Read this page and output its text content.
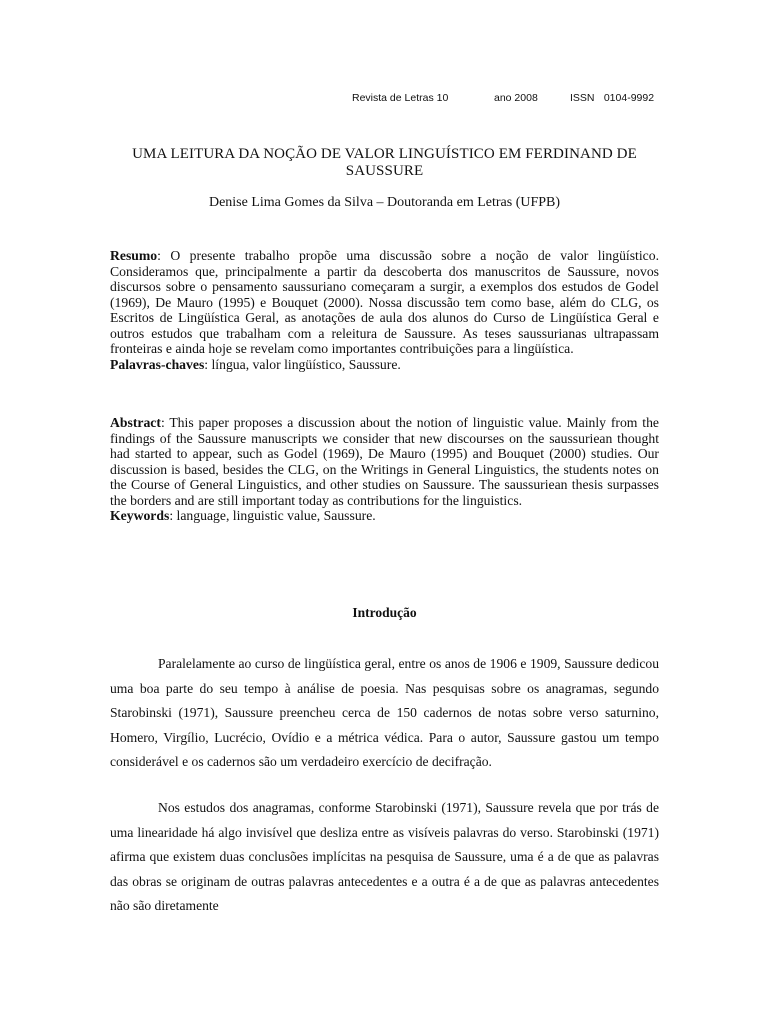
Revista de Letras 10	ano 2008	ISSN 0104-9992
UMA LEITURA DA NOÇÃO DE VALOR LINGUÍSTICO EM FERDINAND DE SAUSSURE
Denise Lima Gomes da Silva – Doutoranda em Letras (UFPB)

Resumo: O presente trabalho propõe uma discussão sobre a noção de valor lingüístico. Consideramos que, principalmente a partir da descoberta dos manuscritos de Saussure, novos discursos sobre o pensamento saussuriano começaram a surgir, a exemplos dos estudos de Godel (1969), De Mauro (1995) e Bouquet (2000). Nossa discussão tem como base, além do CLG, os Escritos de Lingüística Geral, as anotações de aula dos alunos do Curso de Lingüística Geral e outros estudos que trabalham com a releitura de Saussure. As teses saussurianas ultrapassam fronteiras e ainda hoje se revelam como importantes contribuições para a lingüística.

Palavras-chaves: língua, valor lingüístico, Saussure.

Abstract: This paper proposes a discussion about the notion of linguistic value. Mainly from the findings of the Saussure manuscripts we consider that new discourses on the saussuriean thought had started to appear, such as Godel (1969), De Mauro (1995) and Bouquet (2000) studies. Our discussion is based, besides the CLG, on the Writings in General Linguistics, the students notes on the Course of General Linguistics, and other studies on Saussure. The saussuriean thesis surpasses the borders and are still important today as contributions for the linguistics.

Keywords: language, linguistic value, Saussure.

Introdução

Paralelamente ao curso de lingüística geral, entre os anos de 1906 e 1909, Saussure dedicou uma boa parte do seu tempo à análise de poesia. Nas pesquisas sobre os anagramas, segundo Starobinski (1971), Saussure preencheu cerca de 150 cadernos de notas sobre verso saturnino, Homero, Virgílio, Lucrécio, Ovídio e a métrica védica. Para o autor, Saussure gastou um tempo considerável e os cadernos são um verdadeiro exercício de decifração.

Nos estudos dos anagramas, conforme Starobinski (1971), Saussure revela que por trás de uma linearidade há algo invisível que desliza entre as visíveis palavras do verso. Starobinski (1971) afirma que existem duas conclusões implícitas na pesquisa de Saussure, uma é a de que as palavras das obras se originam de outras palavras antecedentes e a outra é a de que as palavras antecedentes não são diretamente
